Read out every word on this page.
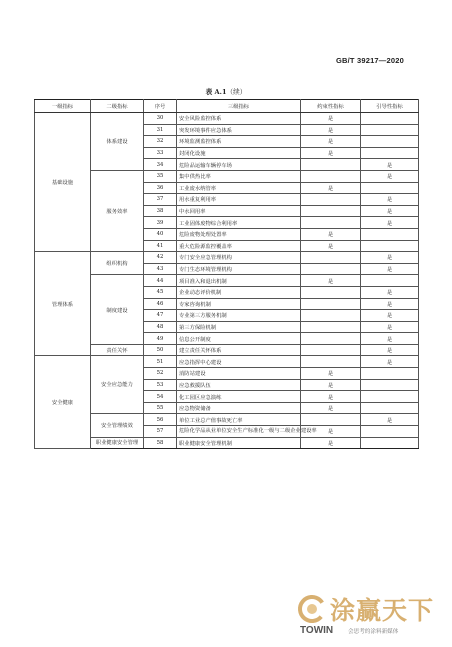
GB/T 39217—2020
表 A.1（续）
一级指标	二级指标	序号	三级指标	约束性指标	引导性指标
基础设施	体系建设	30	安全风险监控体系	是	
		31	突发环境事件应急体系	是	
		32	环境监测监控体系	是	
		33	封闭化设施	是	
		34	危险品运输车辆停车场		是
	服务效率	35	集中供热比率		是
		36	工业废水纳管率	是	
		37	用水重复利用率		是
		38	中水回用率		是
		39	工业固体废物综合利用率		是
		40	危险废物处理处置率	是	
		41	重大危险源监控覆盖率	是	
管理体系	组织机构	42	专门安全应急管理机构		是
		43	专门生态环境管理机构		是
	制度建设	44	项目准入和退出机制	是	
		45	企业动态评价机制		是
		46	专家咨询机制		是
		47	专业第三方服务机制		是
		48	第三方保险机制		是
		49	信息公开制度		是
	责任关怀	50	建立责任关怀体系		是
安全健康	安全应急能力	51	应急指挥中心建设		是
		52	消防站建设	是	
		53	应急救援队伍	是	
		54	化工园区应急演练	是	
		55	应急物资储备	是	
	安全管理绩效	56	单位工业总产值事故死亡率		是
		57	危险化学品从业单位安全生产标准化一级与二级企业建设率	是	
	职业健康安全管理	58	职业健康安全管理机制	是	
涂赢天下
TOWIN	会思考的涂料新媒体
